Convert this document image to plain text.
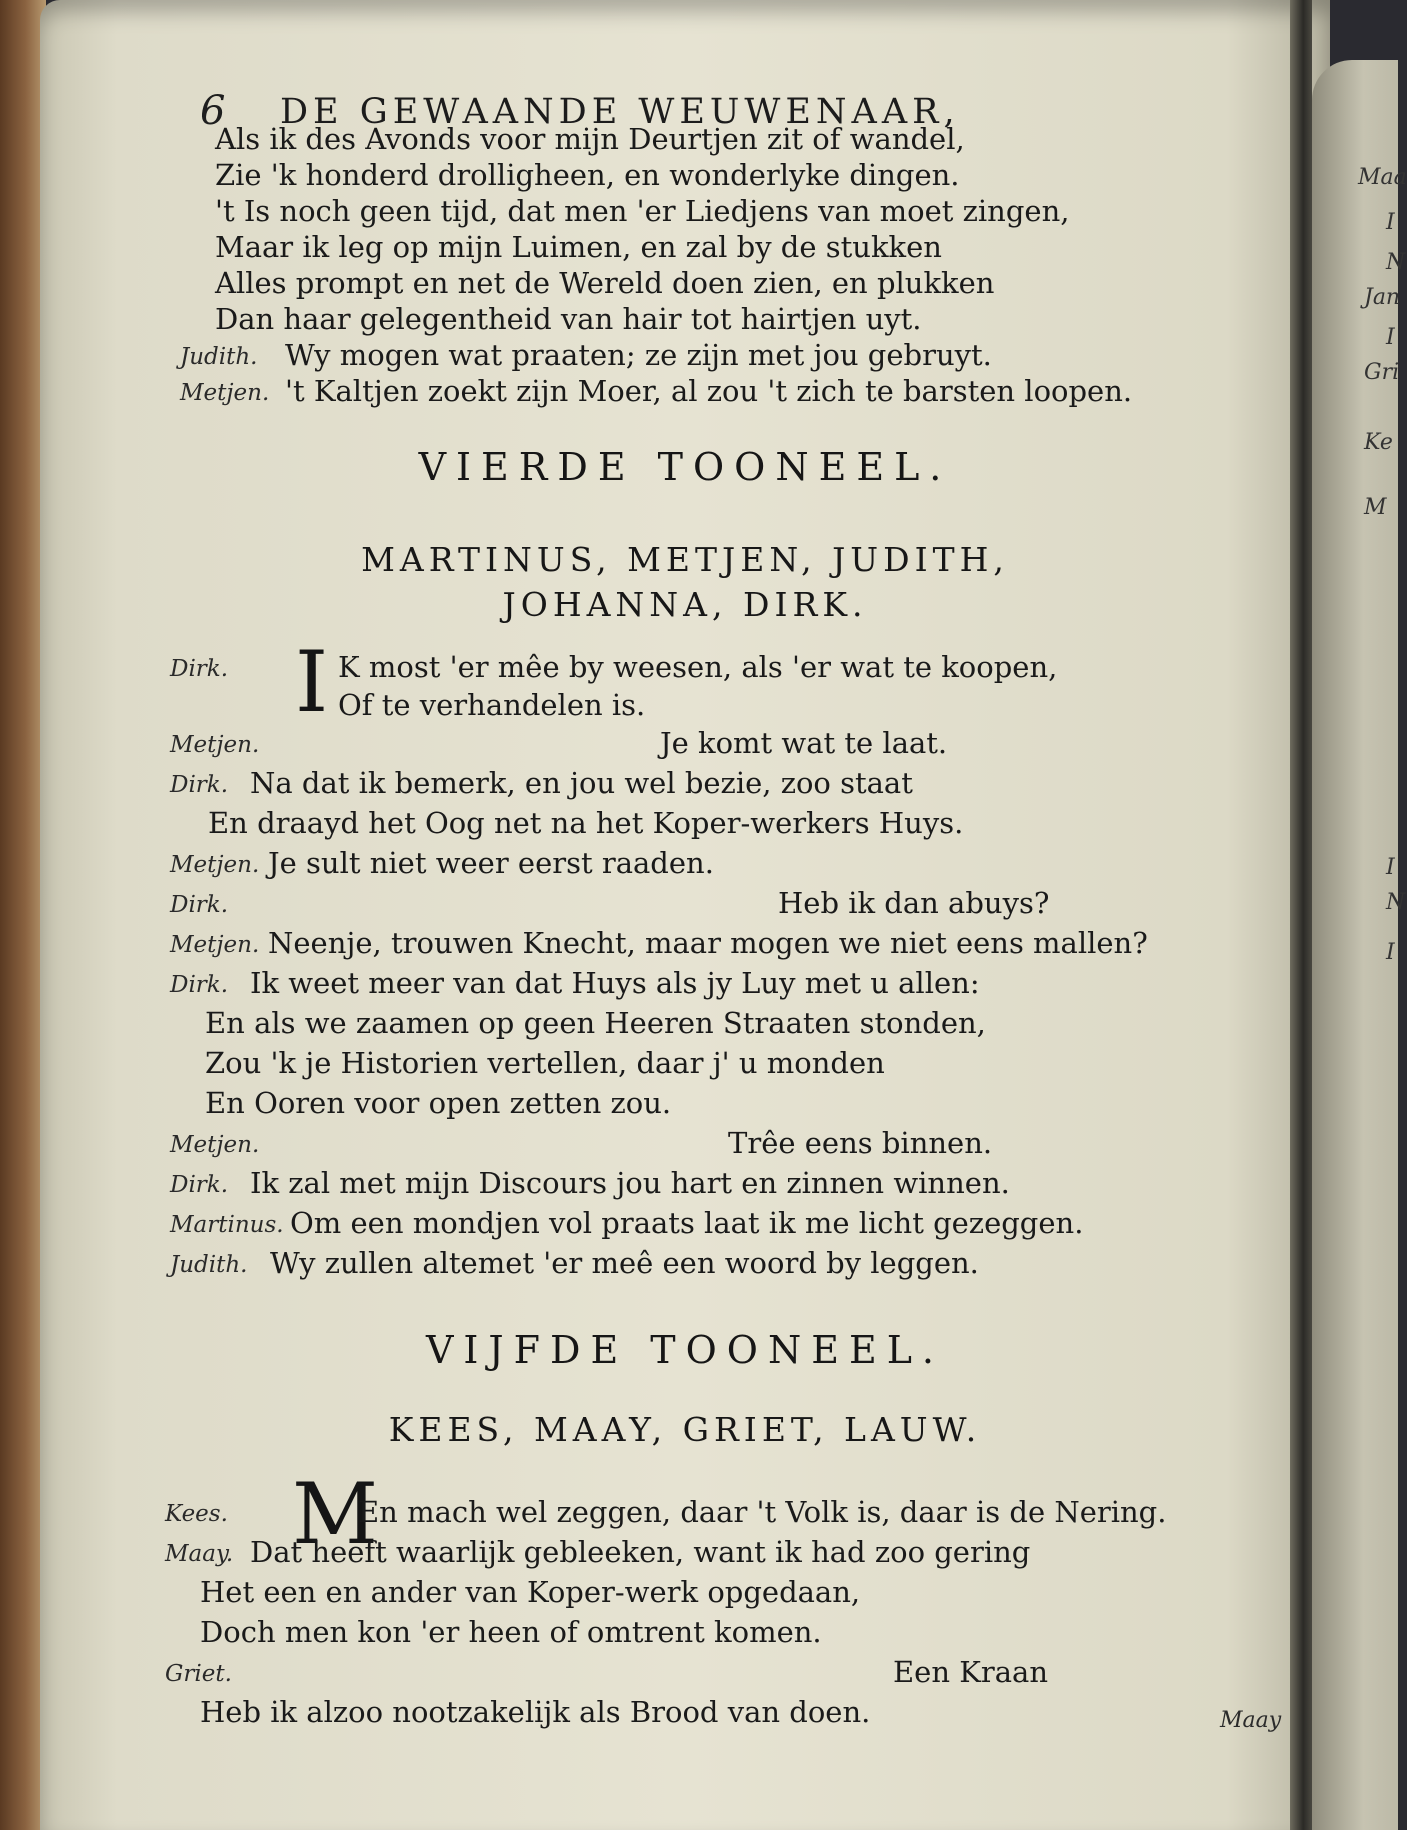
6 DE GEWAANDE WEUWENAAR,
Als ik des Avonds voor mijn Deurtjen zit of wandel,
Zie 'k honderd drolligheen, en wonderlyke dingen.
't Is noch geen tijd, dat men 'er Liedjens van moet zingen,
Maar ik leg op mijn Luimen, en zal by de stukken
Alles prompt en net de Wereld doen zien, en plukken
Dan haar gelegentheid van hair tot hairtjen uyt.
Judith. Wy mogen wat praaten; ze zijn met jou gebruyt.
Metjen. 't Kaltjen zoekt zijn Moer, al zou 't zich te barsten loopen.
VIERDE TOONEEL.
MARTINUS, METJEN, JUDITH,
JOHANNA, DIRK.
I
Dirk.	K most 'er mêe by weesen, als 'er wat te koopen,
Of te verhandelen is.
Metjen.	Je komt wat te laat.
Dirk. Na dat ik bemerk, en jou wel bezie, zoo staat
En draayd het Oog net na het Koper-werkers Huys.
Metjen. Je sult niet weer eerst raaden.
Dirk.	Heb ik dan abuys?
Metjen. Neenje, trouwen Knecht, maar mogen we niet eens mallen?
Dirk. Ik weet meer van dat Huys als jy Luy met u allen:
En als we zaamen op geen Heeren Straaten stonden,
Zou 'k je Historien vertellen, daar j' u monden
En Ooren voor open zetten zou.
Metjen.	Trêe eens binnen.
Dirk. Ik zal met mijn Discours jou hart en zinnen winnen.
Martinus. Om een mondjen vol praats laat ik me licht gezeggen.
Judith. Wy zullen altemet 'er meê een woord by leggen.
VIJFDE TOONEEL.
KEES, MAAY, GRIET, LAUW.
M
Kees.	En mach wel zeggen, daar 't Volk is, daar is de Nering.
Maay. Dat heeft waarlijk gebleeken, want ik had zoo gering
Het een en ander van Koper-werk opgedaan,
Doch men kon 'er heen of omtrent komen.
Griet.	Een Kraan
Heb ik alzoo nootzakelijk als Brood van doen.	Maay
Maa
I
N
Jan
I
Gri
Ke
M
I
N
I
